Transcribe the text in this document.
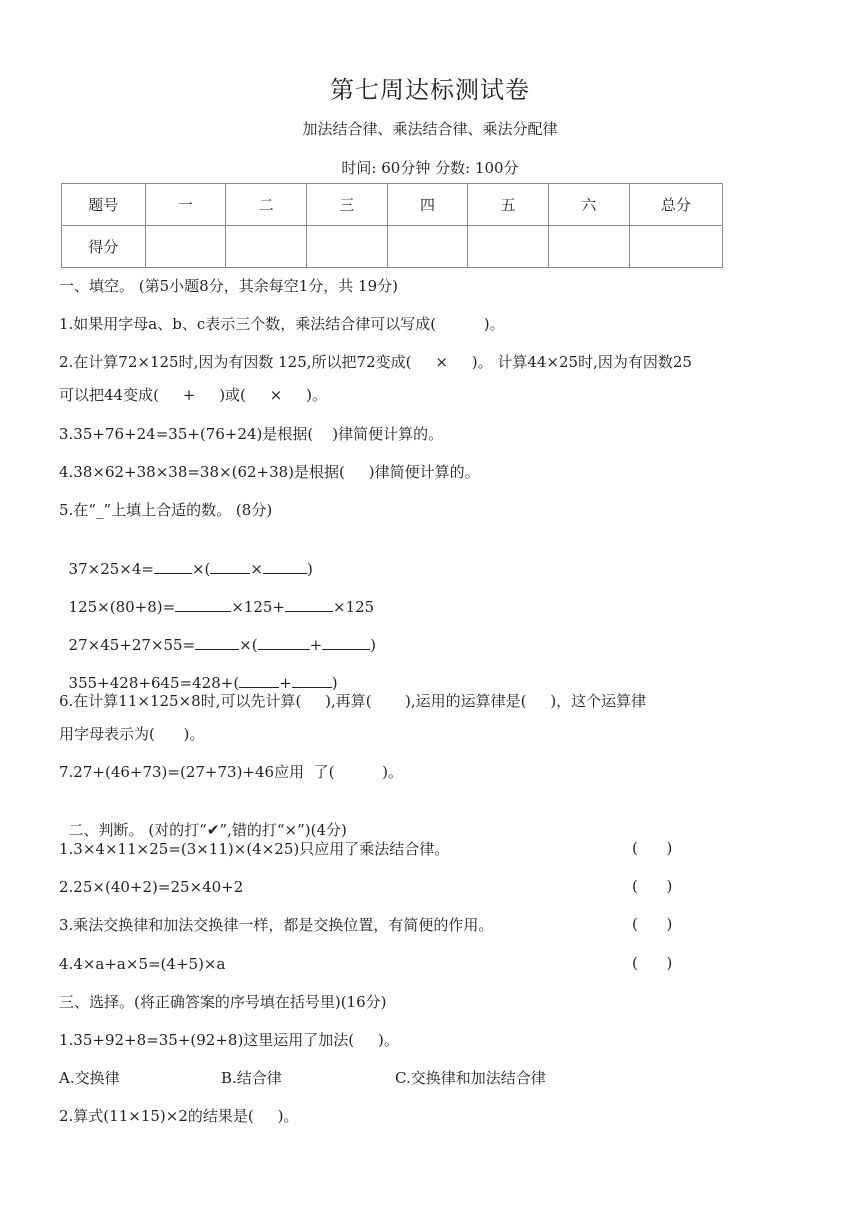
第七周达标测试卷
加法结合律、乘法结合律、乘法分配律
时间: 60分钟 分数: 100分
题号	一	二	三	四	五	六	总分
得分							
一、填空。 (第5小题8分，其余每空1分，共 19分)
1.如果用字母a、b、c表示三个数，乘法结合律可以写成(          )。
2.在计算72×125时,因为有因数 125,所以把72变成(     ×     )。 计算44×25时,因为有因数25
可以把44变成(     +     )或(     ×     )。
3.35+76+24=35+(76+24)是根据(    )律简便计算的。
4.38×62+38×38=38×(62+38)是根据(     )律简便计算的。
5.在“_”上填上合适的数。 (8分)

37×25×4=	×(	×	)

125×(80+8)=	×125+	×125

27×45+27×55=	×(	+	)

355+428+645=428+(	+	)

6.在计算11×125×8时,可以先计算(     ),再算(       ),运用的运算律是(     )，这个运算律
用字母表示为(      )。
7.27+(46+73)=(27+73)+46应用  了(          )。

二、判断。 (对的打“✔”,错的打“×”)(4分)

1.3×4×11×25=(3×11)×(4×25)只应用了乘法结合律。	(      )
2.25×(40+2)=25×40+2	(      )
3.乘法交换律和加法交换律一样，都是交换位置，有简便的作用。	(      )
4.4×a+a×5=(4+5)×a	(      )
三、选择。(将正确答案的序号填在括号里)(16分)
1.35+92+8=35+(92+8)这里运用了加法(     )。
A.交换律	B.结合律	C.交换律和加法结合律
2.算式(11×15)×2的结果是(     )。
